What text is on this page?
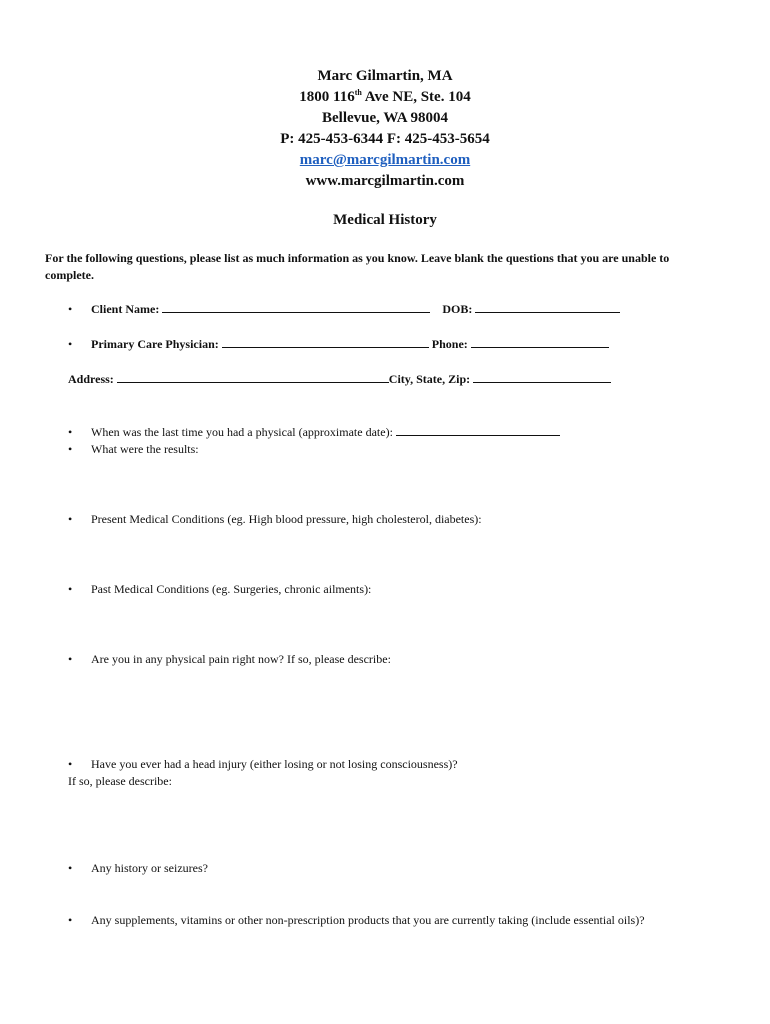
Marc Gilmartin, MA
1800 116th Ave NE, Ste. 104
Bellevue, WA 98004
P: 425-453-6344 F: 425-453-5654
marc@marcgilmartin.com
www.marcgilmartin.com
Medical History
For the following questions, please list as much information as you know. Leave blank the questions that you are unable to complete.
• Client Name:	DOB:
• Primary Care Physician:	Phone:
Address:	City, State, Zip:
• When was the last time you had a physical (approximate date):
• What were the results:
• Present Medical Conditions (eg. High blood pressure, high cholesterol, diabetes):
• Past Medical Conditions (eg. Surgeries, chronic ailments):
• Are you in any physical pain right now? If so, please describe:
• Have you ever had a head injury (either losing or not losing consciousness)?
If so, please describe:
• Any history or seizures?
• Any supplements, vitamins or other non-prescription products that you are currently taking (include essential oils)?
